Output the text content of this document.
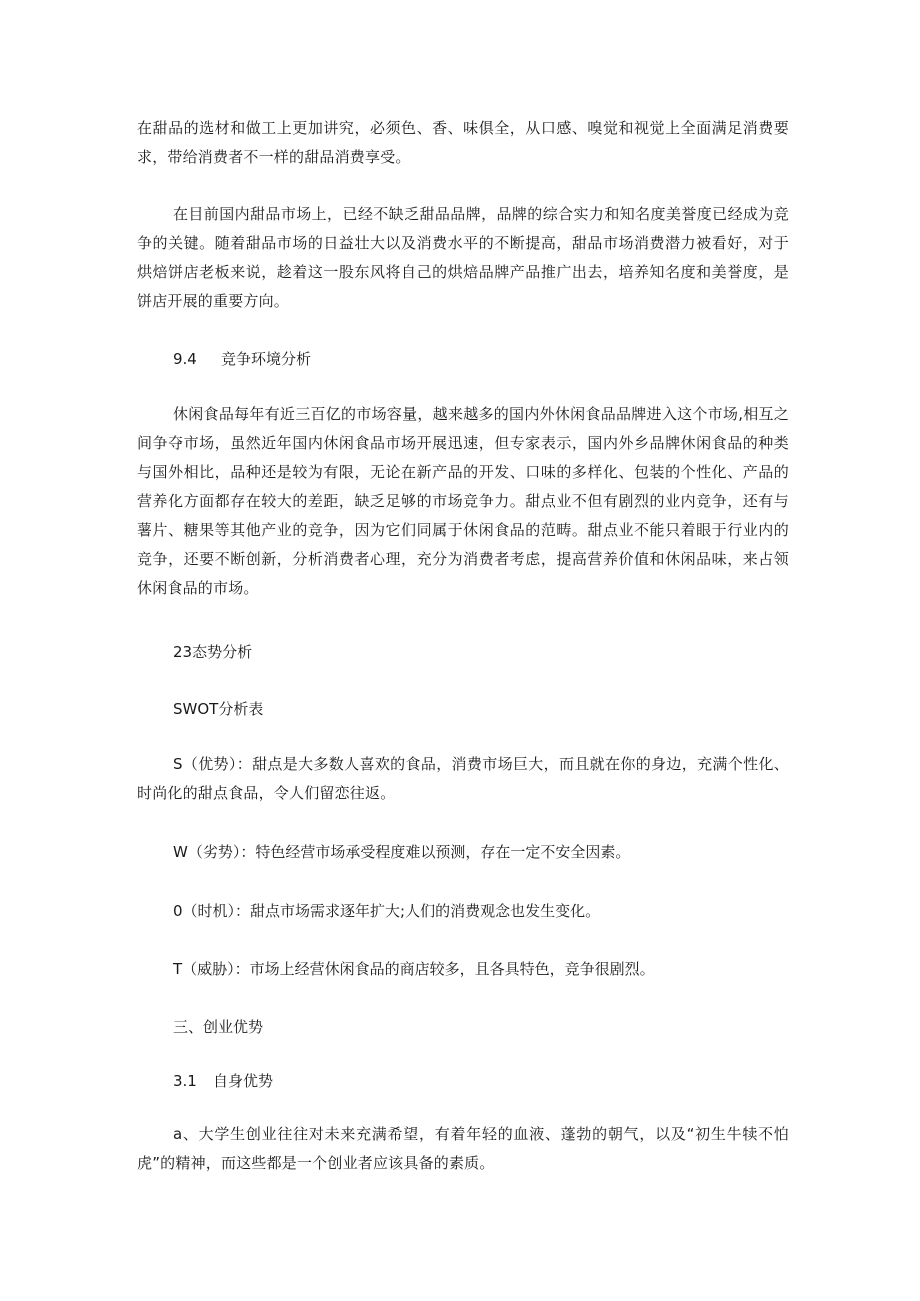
在甜品的选材和做工上更加讲究，必须色、香、味俱全，从口感、嗅觉和视觉上全面满足消费要求，带给消费者不一样的甜品消费享受。

在目前国内甜品市场上，已经不缺乏甜品品牌，品牌的综合实力和知名度美誉度已经成为竞争的关键。随着甜品市场的日益壮大以及消费水平的不断提高，甜品市场消费潜力被看好，对于烘焙饼店老板来说，趁着这一股东风将自己的烘焙品牌产品推广出去，培养知名度和美誉度，是饼店开展的重要方向。

9.4 竞争环境分析

休闲食品每年有近三百亿的市场容量，越来越多的国内外休闲食品品牌进入这个市场,相互之间争夺市场，虽然近年国内休闲食品市场开展迅速，但专家表示，国内外乡品牌休闲食品的种类与国外相比，品种还是较为有限，无论在新产品的开发、口味的多样化、包装的个性化、产品的营养化方面都存在较大的差距，缺乏足够的市场竞争力。甜点业不但有剧烈的业内竞争，还有与薯片、糖果等其他产业的竞争，因为它们同属于休闲食品的范畴。甜点业不能只着眼于行业内的竞争，还要不断创新，分析消费者心理，充分为消费者考虑，提高营养价值和休闲品味，来占领休闲食品的市场。

23态势分析

SWOT分析表

S（优势）：甜点是大多数人喜欢的食品，消费市场巨大，而且就在你的身边，充满个性化、时尚化的甜点食品，令人们留恋往返。

W（劣势）：特色经营市场承受程度难以预测，存在一定不安全因素。

0（时机）：甜点市场需求逐年扩大;人们的消费观念也发生变化。

T（威胁）：市场上经营休闲食品的商店较多，且各具特色，竞争很剧烈。

三、创业优势

3.1 自身优势

a、大学生创业往往对未来充满希望，有着年轻的血液、蓬勃的朝气，以及“初生牛犊不怕虎”的精神，而这些都是一个创业者应该具备的素质。
